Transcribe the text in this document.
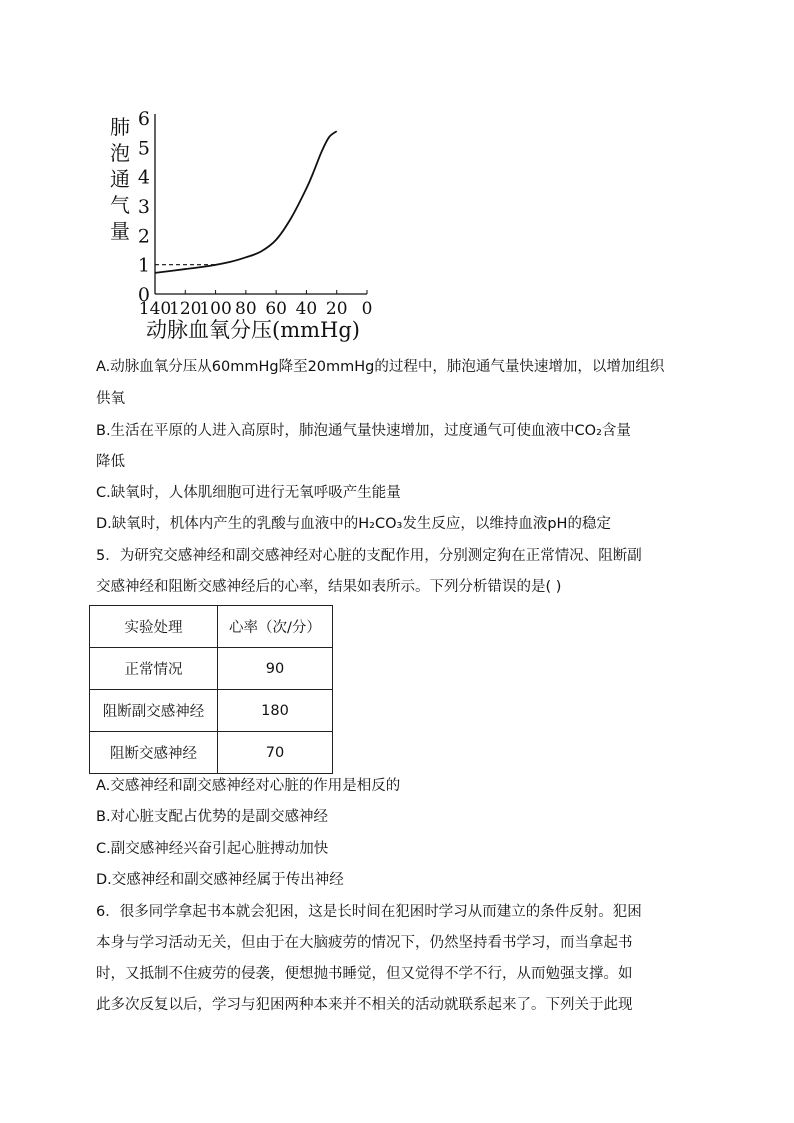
0
1
2
3
4
5
6
140
120
100 80 60 40 20 0
动脉血氧分压(mmHg)
肺
泡
通
气
量
A.动脉血氧分压从60mmHg降至20mmHg的过程中，肺泡通气量快速增加，以增加组织
供氧
B.生活在平原的人进入高原时，肺泡通气量快速增加，过度通气可使血液中CO₂含量
降低
C.缺氧时，人体肌细胞可进行无氧呼吸产生能量
D.缺氧时，机体内产生的乳酸与血液中的H₂CO₃发生反应，以维持血液pH的稳定
5．为研究交感神经和副交感神经对心脏的支配作用，分别测定狗在正常情况、阻断副
交感神经和阻断交感神经后的心率，结果如表所示。下列分析错误的是( )
实验处理	心率（次/分）
正常情况	90
阻断副交感神经	180
阻断交感神经	70
A.交感神经和副交感神经对心脏的作用是相反的
B.对心脏支配占优势的是副交感神经
C.副交感神经兴奋引起心脏搏动加快
D.交感神经和副交感神经属于传出神经
6．很多同学拿起书本就会犯困，这是长时间在犯困时学习从而建立的条件反射。犯困
本身与学习活动无关，但由于在大脑疲劳的情况下，仍然坚持看书学习，而当拿起书
时，又抵制不住疲劳的侵袭，便想抛书睡觉，但又觉得不学不行，从而勉强支撑。如
此多次反复以后，学习与犯困两种本来并不相关的活动就联系起来了。下列关于此现
